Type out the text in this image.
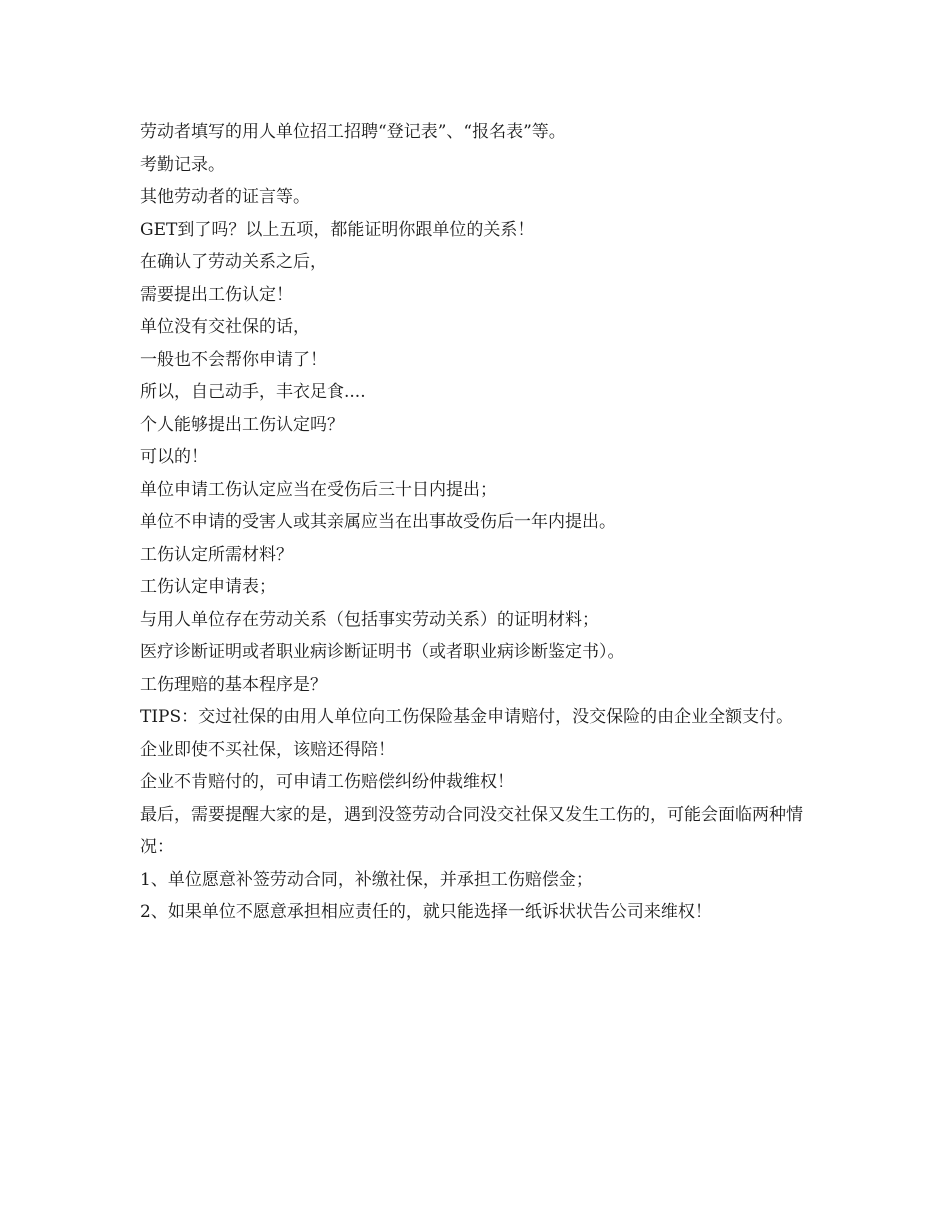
劳动者填写的用人单位招工招聘“登记表”、“报名表”等。

考勤记录。

其他劳动者的证言等。

GET到了吗？以上五项，都能证明你跟单位的关系！

在确认了劳动关系之后，

需要提出工伤认定！

单位没有交社保的话，

一般也不会帮你申请了！

所以，自己动手，丰衣足食....

个人能够提出工伤认定吗？

可以的！

单位申请工伤认定应当在受伤后三十日内提出；

单位不申请的受害人或其亲属应当在出事故受伤后一年内提出。

工伤认定所需材料？

工伤认定申请表；

与用人单位存在劳动关系（包括事实劳动关系）的证明材料；

医疗诊断证明或者职业病诊断证明书（或者职业病诊断鉴定书）。

工伤理赔的基本程序是？

TIPS：交过社保的由用人单位向工伤保险基金申请赔付，没交保险的由企业全额支付。

企业即使不买社保，该赔还得陪！

企业不肯赔付的，可申请工伤赔偿纠纷仲裁维权！

最后，需要提醒大家的是，遇到没签劳动合同没交社保又发生工伤的，可能会面临两种情况：

1、单位愿意补签劳动合同，补缴社保，并承担工伤赔偿金；

2、如果单位不愿意承担相应责任的，就只能选择一纸诉状状告公司来维权！
